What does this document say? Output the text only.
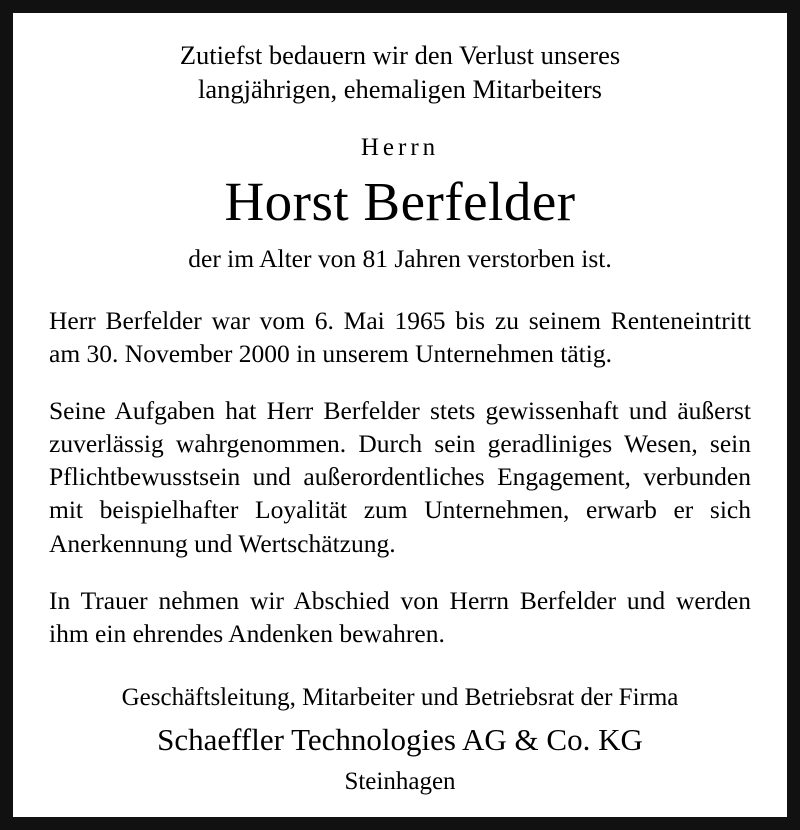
Zutiefst bedauern wir den Verlust unseres
langjährigen, ehemaligen Mitarbeiters
Herrn
Horst Berfelder
der im Alter von 81 Jahren verstorben ist.

Herr Berfelder war vom 6. Mai 1965 bis zu seinem Renteneintritt am 30. November 2000 in unserem Unternehmen tätig.

Seine Aufgaben hat Herr Berfelder stets gewissenhaft und äußerst zuverlässig wahrgenommen. Durch sein geradliniges Wesen, sein Pflichtbewusstsein und außerordentliches Engagement, verbunden mit beispielhafter Loyalität zum Unternehmen, erwarb er sich Anerkennung und Wertschätzung.

In Trauer nehmen wir Abschied von Herrn Berfelder und werden ihm ein ehrendes Andenken bewahren.

Geschäftsleitung, Mitarbeiter und Betriebsrat der Firma
Schaeffler Technologies AG & Co. KG
Steinhagen
